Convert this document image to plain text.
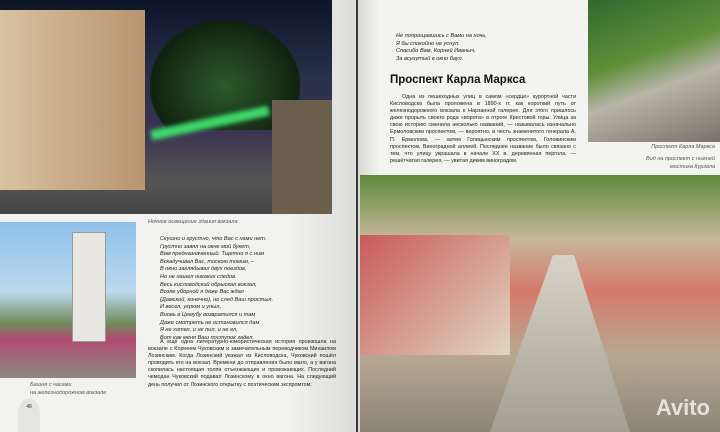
Ночное освещение здания вокзала
Скушно и грустно, что Вас с нами нет.
Грустно завял на окне мой букет,
Вам предназначенный. Тщетно я с ним
Вскадучивал Вас, тоскою томим, –
В окно заглядывал двух поездов,
Но не нашел никаких следов.
Весь кисловодский обрыскал вокзал,
Возле уборной я даже Вас ждал
(Дамской, конечно), но след Ваш простыл.
И весел, угрюм и уныл,
Вновь в Цемубу возвратился и там
Даже смотреть не остановился дам
Я не хотел, и не пил, и не ел,
Вот как меня Ваш поступок задел.
Башня с часами
на железнодорожном вокзале
А ещё одна литературно-юмористическая история произошла на вокзале с Корнеем Чуковским и замечательным переводчиком Михаилом Лозинским. Когда Лозинский уезжал из Кисловодска, Чуковский пошёл проводить его на вокзал. Времени до отправления было мало, а у вагона скопилась настоящая толпа отъезжающих и провожающих. Последний чемодан Чуковский подавал Лозинскому в окно вагона. На следующий день получил от Лозинского открытку с поэтическим экспромтом:
48
Не попрощавшись с Вами на ночь,
Я бы спокойно не уснул.
Спасибо Вам, Корней Иваныч,
За всунутый в окно баул.
Проспект Карла Маркса
Одна из пешеходных улиц в самом «сердце» курортной части Кисловодска была проложена в 1890-х гг. как короткий путь от железнодорожного вокзала к Нарзанной галерее. Для этого пришлось даже прорыть своего рода «ворота» в отроге Крестовой горы. Улица за свою историю сменила несколько названий, — называлась изначально Ермоловским проспектом, — вероятно, в честь знаменитого генерала А. П. Ермолова, — затем Голицынским проспектом, Головинским проспектом, Виноградной аллеей. Последнее название было связано с тем, что улицу украшала в начале XX в. деревянная пергола, — решётчатая галерея, — увитая диким виноградом.
Проспект Карла Маркса
Вид на проспект с нижней
мостика Курзала
Avito
